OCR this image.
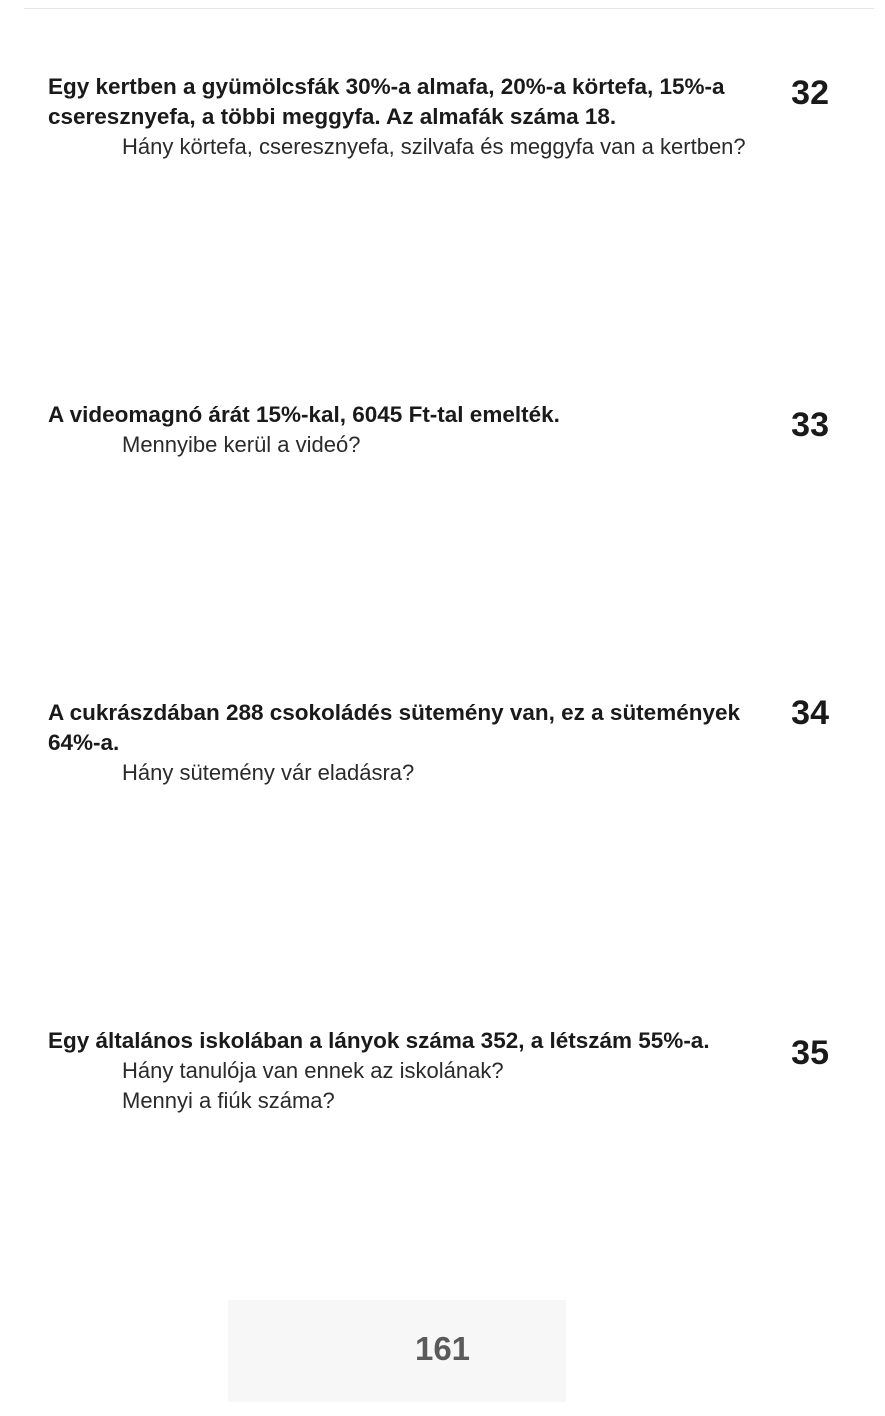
Egy kertben a gyümölcsfák 30%-a almafa, 20%-a körtefa, 15%-a

cseresznyefa, a többi meggyfa. Az almafák száma 18.

Hány körtefa, cseresznyefa, szilvafa és meggyfa van a kertben?

32

A videomagnó árát 15%-kal, 6045 Ft-tal emelték.

Mennyibe kerül a videó?

33

A cukrászdában 288 csokoládés sütemény van, ez a sütemények

64%-a.

Hány sütemény vár eladásra?

34

Egy általános iskolában a lányok száma 352, a létszám 55%-a.

Hány tanulója van ennek az iskolának?

Mennyi a fiúk száma?

35
161
